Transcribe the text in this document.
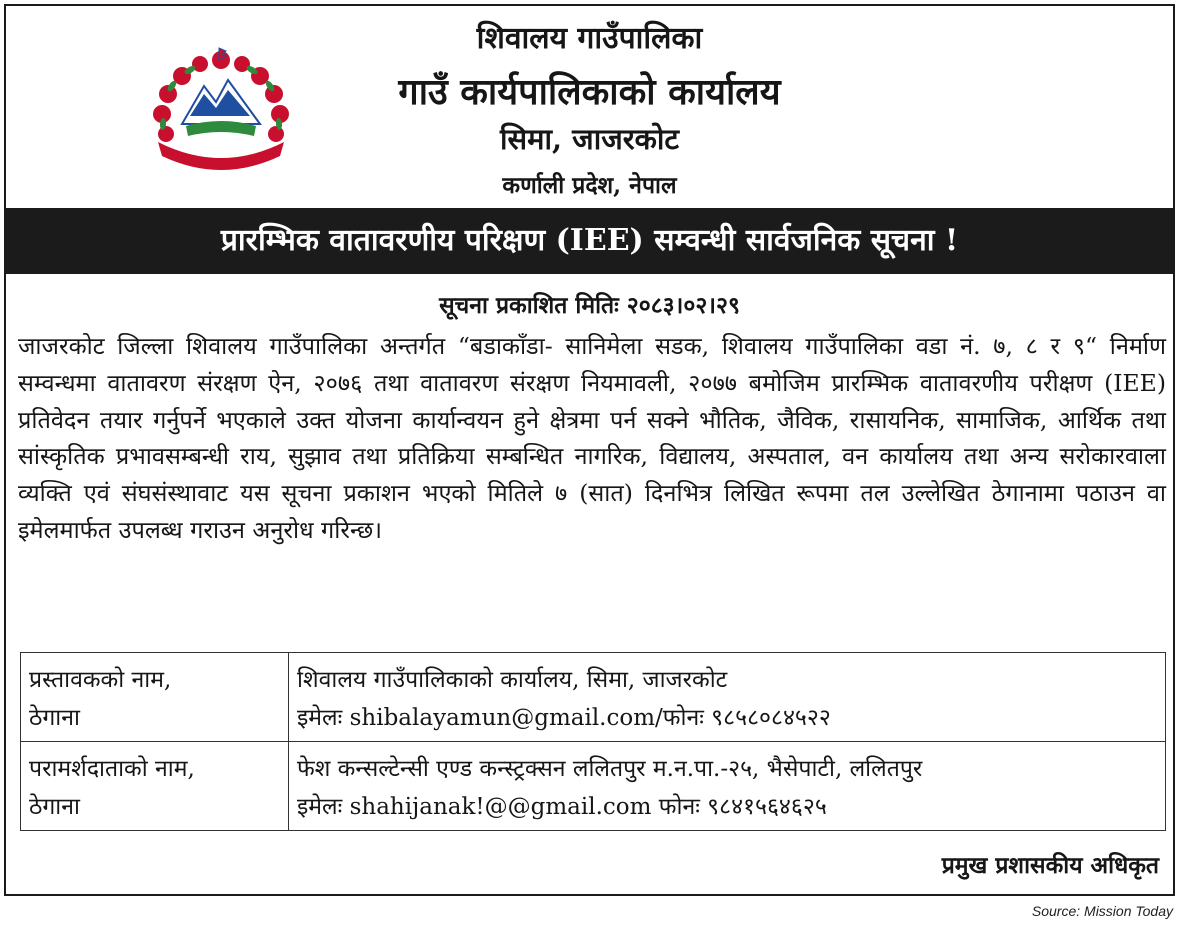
शिवालय गाउँपालिका
गाउँ कार्यपालिकाको कार्यालय
सिमा, जाजरकोट
कर्णाली प्रदेश, नेपाल
प्रारम्भिक वातावरणीय परिक्षण (IEE) सम्वन्धी सार्वजनिक सूचना !
सूचना प्रकाशित मितिः २०८३।०२।२९

जाजरकोट जिल्ला शिवालय गाउँपालिका अन्तर्गत “बडाकाँडा- सानिमेला सडक, शिवालय गाउँपालिका वडा नं. ७, ८ र ९“ निर्माण सम्वन्धमा वातावरण संरक्षण ऐन, २०७६ तथा वातावरण संरक्षण नियमावली, २०७७ बमोजिम प्रारम्भिक वातावरणीय परीक्षण (IEE) प्रतिवेदन तयार गर्नुपर्ने भएकाले उक्त योजना कार्यान्वयन हुने क्षेत्रमा पर्न सक्ने भौतिक, जैविक, रासायनिक, सामाजिक, आर्थिक तथा सांस्कृतिक प्रभावसम्बन्धी राय, सुझाव तथा प्रतिक्रिया सम्बन्धित नागरिक, विद्यालय, अस्पताल, वन कार्यालय तथा अन्य सरोकारवाला व्यक्ति एवं संघसंस्थावाट यस सूचना प्रकाशन भएको मितिले ७ (सात) दिनभित्र लिखित रूपमा तल उल्लेखित ठेगानामा पठाउन वा इमेलमार्फत उपलब्ध गराउन अनुरोध गरिन्छ।

प्रस्तावकको नाम,
ठेगाना	शिवालय गाउँपालिकाको कार्यालय, सिमा, जाजरकोट
इमेलः shibalayamun@gmail.com/फोनः ९८५८०८४५२२

परामर्शदाताको नाम,
ठेगाना	फेश कन्सल्टेन्सी एण्ड कन्स्ट्रक्सन ललितपुर म.न.पा.-२५, भैसेपाटी, ललितपुर
इमेलः shahijanak!@@gmail.com फोनः ९८४१५६४६२५
प्रमुख प्रशासकीय अधिकृत
Source: Mission Today
